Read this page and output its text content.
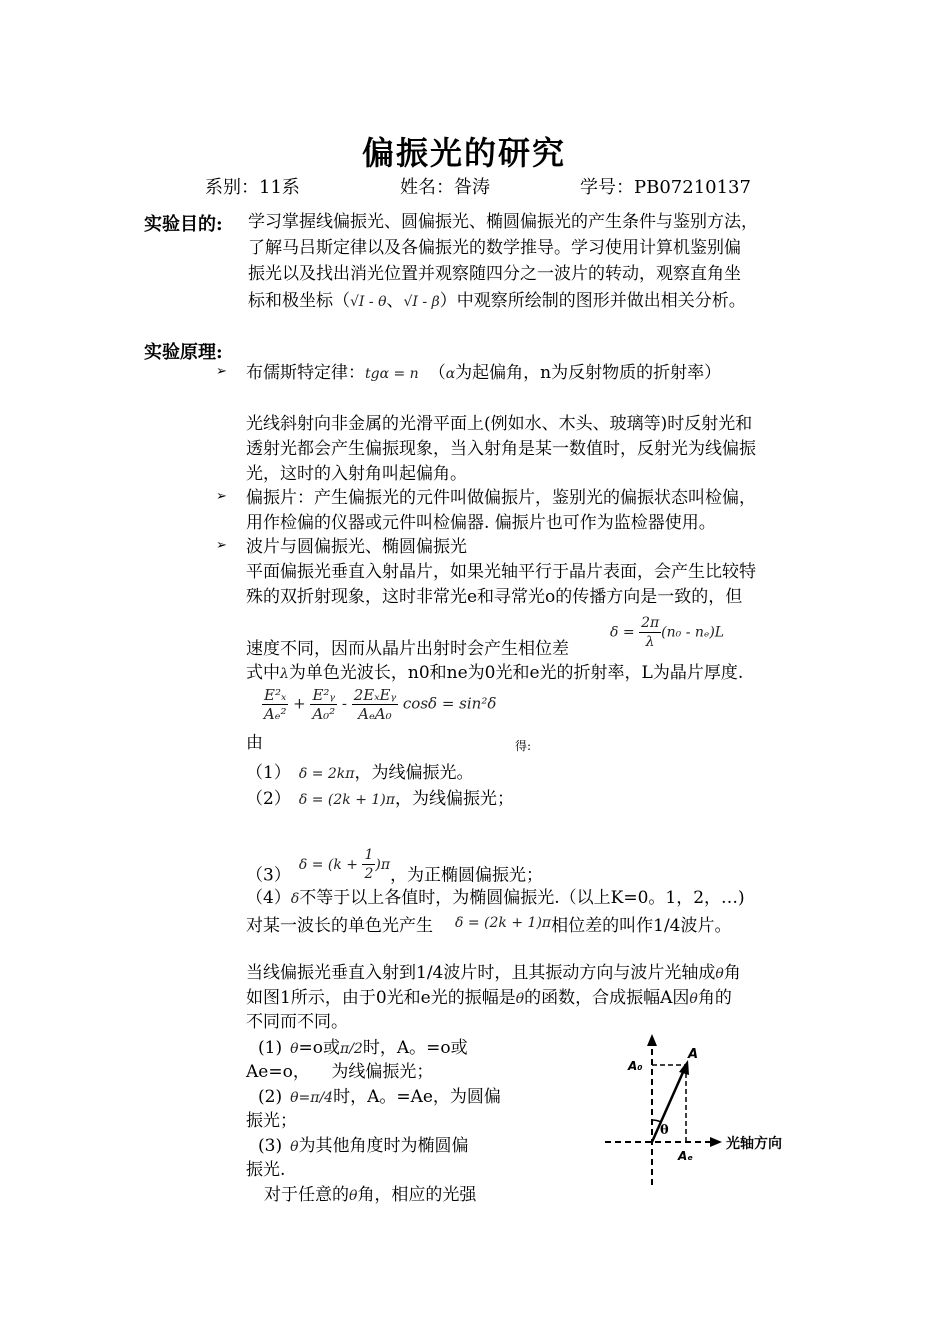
偏振光的研究
系别：11系	姓名：昝涛	学号：PB07210137
实验目的: 学习掌握线偏振光、圆偏振光、椭圆偏振光的产生条件与鉴别方法，
了解马吕斯定律以及各偏振光的数学推导。学习使用计算机鉴别偏
振光以及找出消光位置并观察随四分之一波片的转动，观察直角坐
标和极坐标（√I - θ、√I - β）中观察所绘制的图形并做出相关分析。
实验原理:
➢ 布儒斯特定律：tgα = n （α为起偏角，n为反射物质的折射率）
光线斜射向非金属的光滑平面上(例如水、木头、玻璃等)时反射光和
透射光都会产生偏振现象，当入射角是某一数值时，反射光为线偏振
光，这时的入射角叫起偏角。
➢ 偏振片：产生偏振光的元件叫做偏振片，鉴别光的偏振状态叫检偏，
用作检偏的仪器或元件叫检偏器. 偏振片也可作为监检器使用。
➢ 波片与圆偏振光、椭圆偏振光
平面偏振光垂直入射晶片，如果光轴平行于晶片表面，会产生比较特
殊的双折射现象，这时非常光e和寻常光o的传播方向是一致的，但
速度不同，因而从晶片出射时会产生相位差
$\delta = \frac{2\pi}{\lambda} (n_0 - n_e)L$
式中λ为单色光波长，n0和ne为0光和e光的折射率，L为晶片厚度.
由
$\frac{\text{E²ₓ}}{\text{Aₑ²}} + \frac{\text{E²ᵧ}}{\text{A₀²}} - \frac{\text{2EₓEᵧ}}{\text{AₑA₀}}$ cosδ = sin²δ
得:
（1） δ = 2kπ，为线偏振光。
（2） δ = (2k + 1)π，为线偏振光；
$(3)\delta = (k + \frac{1}{2} )\pi$，为正椭圆偏振光；
（4）δ不等于以上各值时，为椭圆偏振光.（以上K=0。1，2，…)
对某一波长的单色光产生 $^{\delta = (2k + 1)\pi}$相位差的叫作1/4波片。
当线偏振光垂直入射到1/4波片时，且其振动方向与波片光轴成θ角
如图1所示，由于0光和e光的振幅是θ的函数，合成振幅A因θ角的
不同而不同。
(1) θ=o或π/2时，A。=o或
Ae=o，    为线偏振光；
(2) θ=π/4时，A。=Ae，为圆偏
振光；
(3) θ为其他角度时为椭圆偏
振光.
对于任意的θ角，相应的光强
A
A₀
Aₑ
θ
光轴方向
